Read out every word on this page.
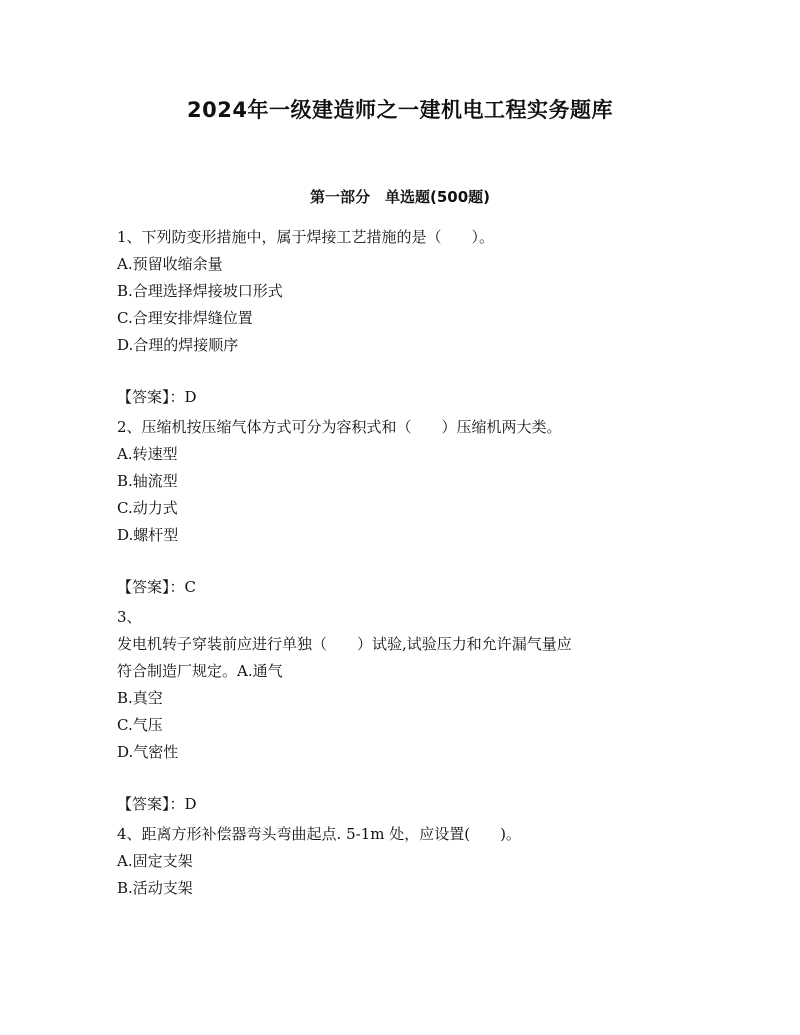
2024年一级建造师之一建机电工程实务题库
第一部分　单选题(500题)
1、下列防变形措施中，属于焊接工艺措施的是（　　）。
A.预留收缩余量
B.合理选择焊接坡口形式
C.合理安排焊缝位置
D.合理的焊接顺序
【答案】：D
2、压缩机按压缩气体方式可分为容积式和（　　）压缩机两大类。
A.转速型
B.轴流型
C.动力式
D.螺杆型
【答案】：C
3、
发电机转子穿装前应进行单独（　　）试验,试验压力和允许漏气量应
符合制造厂规定。A.通气
B.真空
C.气压
D.气密性
【答案】：D
4、距离方形补偿器弯头弯曲起点. 5-1m 处，应设置(　　)。
A.固定支架
B.活动支架
